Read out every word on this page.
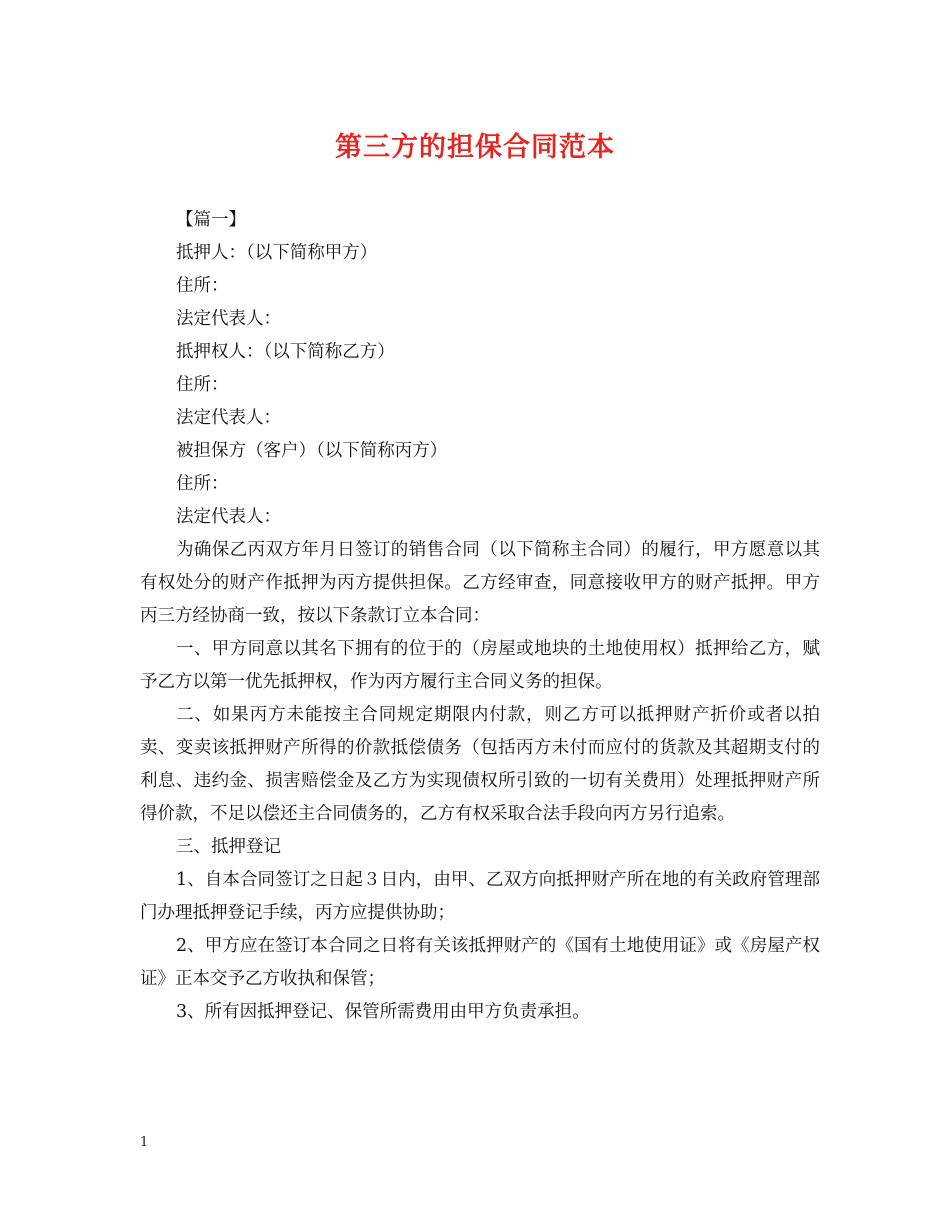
第三方的担保合同范本

【篇一】

抵押人：（以下简称甲方）

住所：

法定代表人：

抵押权人：（以下简称乙方）

住所：

法定代表人：

被担保方（客户）（以下简称丙方）

住所：

法定代表人：

为确保乙丙双方年月日签订的销售合同（以下简称主合同）的履行，甲方愿意以其有权处分的财产作抵押为丙方提供担保。乙方经审查，同意接收甲方的财产抵押。甲方丙三方经协商一致，按以下条款订立本合同：

一、甲方同意以其名下拥有的位于的（房屋或地块的土地使用权）抵押给乙方，赋予乙方以第一优先抵押权，作为丙方履行主合同义务的担保。

二、如果丙方未能按主合同规定期限内付款，则乙方可以抵押财产折价或者以拍卖、变卖该抵押财产所得的价款抵偿债务（包括丙方未付而应付的货款及其超期支付的利息、违约金、损害赔偿金及乙方为实现债权所引致的一切有关费用）处理抵押财产所得价款，不足以偿还主合同债务的，乙方有权采取合法手段向丙方另行追索。

三、抵押登记

1、自本合同签订之日起３日内，由甲、乙双方向抵押财产所在地的有关政府管理部门办理抵押登记手续，丙方应提供协助；

2、甲方应在签订本合同之日将有关该抵押财产的《国有土地使用证》或《房屋产权证》正本交予乙方收执和保管；

3、所有因抵押登记、保管所需费用由甲方负责承担。

1
